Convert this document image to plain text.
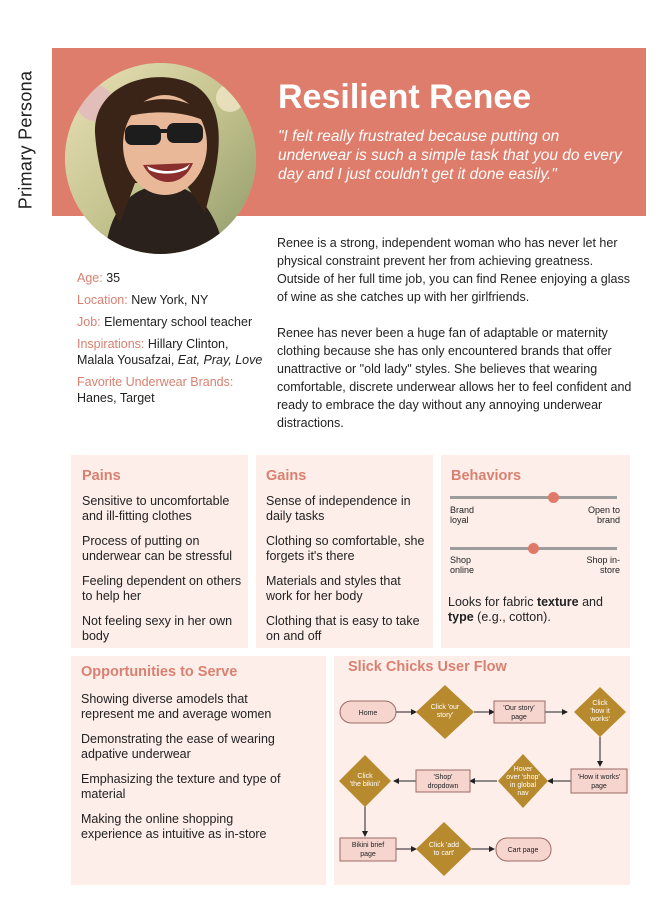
Primary Persona	Resilient Renee
"I felt really frustrated because putting on underwear is such a simple task that you do every day and I just couldn't get it done easily."
Age: 35
Location: New York, NY
Job: Elementary school teacher
Inspirations: Hillary Clinton, Malala Yousafzai, Eat, Pray, Love
Favorite Underwear Brands:
Hanes, Target

Renee is a strong, independent woman who has never let her physical constraint prevent her from achieving greatness. Outside of her full time job, you can find Renee enjoying a glass of wine as she catches up with her girlfriends.

Renee has never been a huge fan of adaptable or maternity clothing because she has only encountered brands that offer unattractive or "old lady" styles. She believes that wearing comfortable, discrete underwear allows her to feel confident and ready to embrace the day without any annoying underwear distractions.

Pains
Sensitive to uncomfortable and ill-fitting clothes
Process of putting on underwear can be stressful
Feeling dependent on others to help her
Not feeling sexy in her own body
Gains
Sense of independence in daily tasks
Clothing so comfortable, she forgets it's there
Materials and styles that work for her body
Clothing that is easy to take on and off
Behaviors
Brand loyal
Open to brand
Shop online
Shop in-store
Looks for fabric texture and type (e.g., cotton).
Opportunities to Serve
Showing diverse amodels that represent me and average women
Demonstrating the ease of wearing adpative underwear
Emphasizing the texture and type of material
Making the online shopping experience as intuitive as in-store
Slick Chicks User Flow
Home
Click 'our
story'
'Our story'
page
Click
'how it
works'
'How it works'
page
Hover
over 'shop'
in global
nav
'Shop'
dropdown
Click
'the bikini'
Bikini brief
page
Click 'add
to cart'	Cart page
